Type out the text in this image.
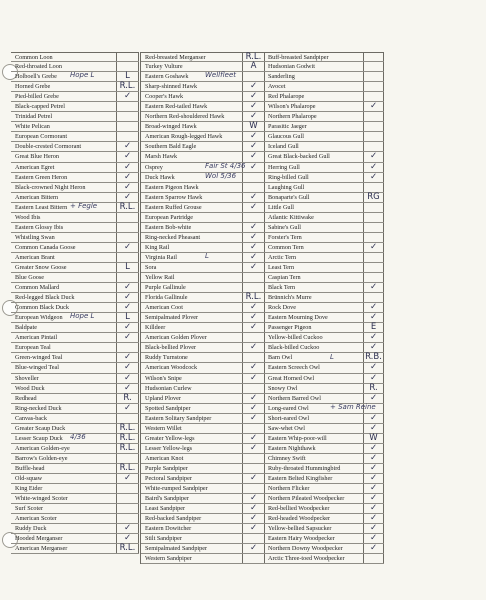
Common Loon
Red-throated Loon
Holboell's Grebe	L
Horned Grebe	R.L.
Pied-billed Grebe	✓
Black-capped Petrel
Trinidad Petrel
White Pelican
European Cormorant
Double-crested Cormorant	✓
Great Blue Heron	✓
American Egret	✓
Eastern Green Heron	✓
Black-crowned Night Heron	✓
American Bittern	✓
Eastern Least Bittern	R.L.
Wood Ibis
Eastern Glossy Ibis
Whistling Swan
Common Canada Goose	✓
American Brant
Greater Snow Goose	L
Blue Goose
Common Mallard	✓
Red-legged Black Duck	✓
Common Black Duck	✓
European Widgeon	L
Baldpate	✓
American Pintail	✓
European Teal
Green-winged Teal	✓
Blue-winged Teal	✓
Shoveller	✓
Wood Duck	✓
Redhead	R.
Ring-necked Duck	✓
Canvas-back
Greater Scaup Duck	R.L.
Lesser Scaup Duck	R.L.
American Golden-eye	R.L.
Barrow's Golden-eye
Buffle-head	R.L.
Old-squaw	✓
King Eider
White-winged Scoter
Surf Scoter
American Scoter
Ruddy Duck	✓
Hooded Merganser	✓
American Merganser	R.L.
Red-breasted Merganser	R.L.
Turkey Vulture	A
Eastern Goshawk
Sharp-shinned Hawk	✓
Cooper's Hawk	✓
Eastern Red-tailed Hawk	✓
Northern Red-shouldered Hawk	✓
Broad-winged Hawk	W
American Rough-legged Hawk	✓
Southern Bald Eagle	✓
Marsh Hawk	✓
Osprey	✓
Duck Hawk
Eastern Pigeon Hawk
Eastern Sparrow Hawk	✓
Eastern Ruffed Grouse	✓
European Partridge
Eastern Bob-white	✓
Ring-necked Pheasant	✓
King Rail	✓
Virginia Rail	✓
Sora	✓
Yellow Rail
Purple Gallinule
Florida Gallinule	R.L.
American Coot	✓
Semipalmated Plover	✓
Killdeer	✓
American Golden Plover
Black-bellied Plover	✓
Ruddy Turnstone
American Woodcock	✓
Wilson's Snipe	✓
Hudsonian Curlew
Upland Plover	✓
Spotted Sandpiper	✓
Eastern Solitary Sandpiper	✓
Western Willet
Greater Yellow-legs	✓
Lesser Yellow-legs	✓
American Knot
Purple Sandpiper
Pectoral Sandpiper	✓
White-rumped Sandpiper
Baird's Sandpiper	✓
Least Sandpiper	✓
Red-backed Sandpiper	✓
Eastern Dowitcher	✓
Stilt Sandpiper
Semipalmated Sandpiper	✓
Western Sandpiper
Buff-breasted Sandpiper
Hudsonian Godwit
Sanderling
Avocet
Red Phalarope
Wilson's Phalarope	✓
Northern Phalarope
Parasitic Jaeger
Glaucous Gull
Iceland Gull
Great Black-backed Gull	✓
Herring Gull	✓
Ring-billed Gull	✓
Laughing Gull
Bonaparte's Gull	RG
Little Gull
Atlantic Kittiwake
Sabine's Gull
Forster's Tern
Common Tern	✓
Arctic Tern
Least Tern
Caspian Tern
Black Tern	✓
Brünnich's Murre
Rock Dove	✓
Eastern Mourning Dove	✓
Passenger Pigeon	E
Yellow-billed Cuckoo	✓
Black-billed Cuckoo	✓
Barn Owl	R.B.
Eastern Screech Owl	✓
Great Horned Owl	✓
Snowy Owl	R.
Northern Barred Owl	✓
Long-eared Owl
Short-eared Owl	✓
Saw-whet Owl	✓
Eastern Whip-poor-will	W
Eastern Nighthawk	✓
Chimney Swift	✓
Ruby-throated Hummingbird	✓
Eastern Belted Kingfisher	✓
Northern Flicker	✓
Northern Pileated Woodpecker	✓
Red-bellied Woodpecker	✓
Red-headed Woodpecker	✓
Yellow-bellied Sapsucker	✓
Eastern Hairy Woodpecker	✓
Northern Downy Woodpecker	✓
Arctic Three-toed Woodpecker
Hope L
+ Fegle
Hope L
4/36
Wellfleet
Fair St 4/36
Wol 5/36
L
+ Sam Reine
L
